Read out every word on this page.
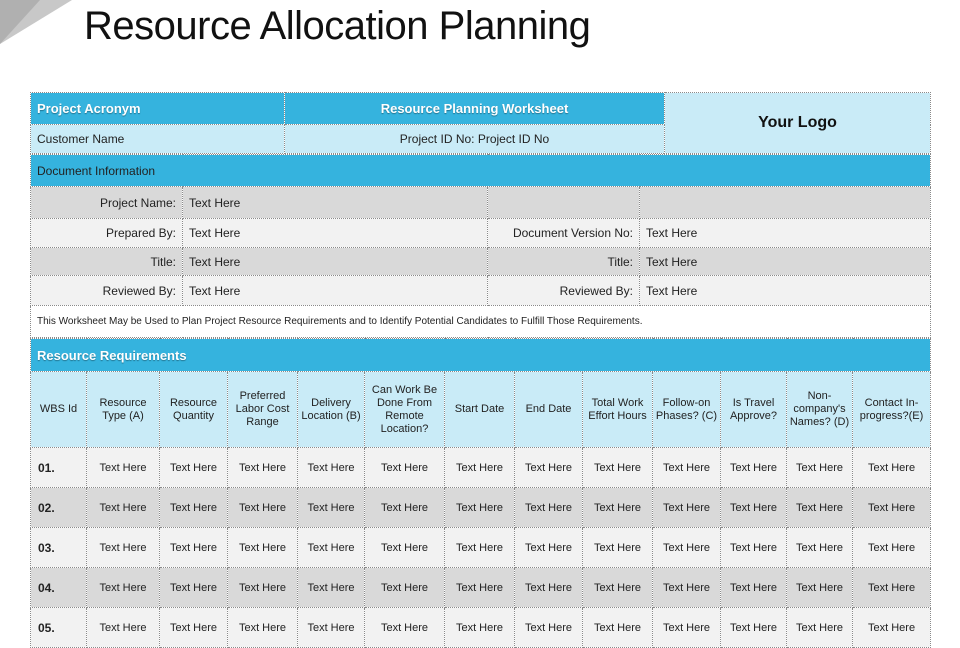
Resource Allocation Planning
Project Acronym	Resource Planning Worksheet	Your Logo
Customer Name	Project ID No: Project ID No	
Document Information			
Project Name:	Text Here		
Prepared By:	Text Here	Document Version No:	Text Here
Title:	Text Here	Title:	Text Here
Reviewed By:	Text Here	Reviewed By:	Text Here
This Worksheet May be Used to Plan Project Resource Requirements and to Identify Potential Candidates to Fulfill Those Requirements.			
Resource Requirements												
WBS Id	Resource Type (A)	Resource Quantity	Preferred Labor Cost Range	Delivery Location (B)	Can Work Be Done From Remote Location?	Start Date	End Date	Total Work Effort Hours	Follow-on Phases? (C)	Is Travel Approve?	Non-company's Names? (D)	Contact In-progress?(E)
01.	Text Here	Text Here	Text Here	Text Here	Text Here	Text Here	Text Here	Text Here	Text Here	Text Here	Text Here	Text Here
02.	Text Here	Text Here	Text Here	Text Here	Text Here	Text Here	Text Here	Text Here	Text Here	Text Here	Text Here	Text Here
03.	Text Here	Text Here	Text Here	Text Here	Text Here	Text Here	Text Here	Text Here	Text Here	Text Here	Text Here	Text Here
04.	Text Here	Text Here	Text Here	Text Here	Text Here	Text Here	Text Here	Text Here	Text Here	Text Here	Text Here	Text Here
05.	Text Here	Text Here	Text Here	Text Here	Text Here	Text Here	Text Here	Text Here	Text Here	Text Here	Text Here	Text Here
